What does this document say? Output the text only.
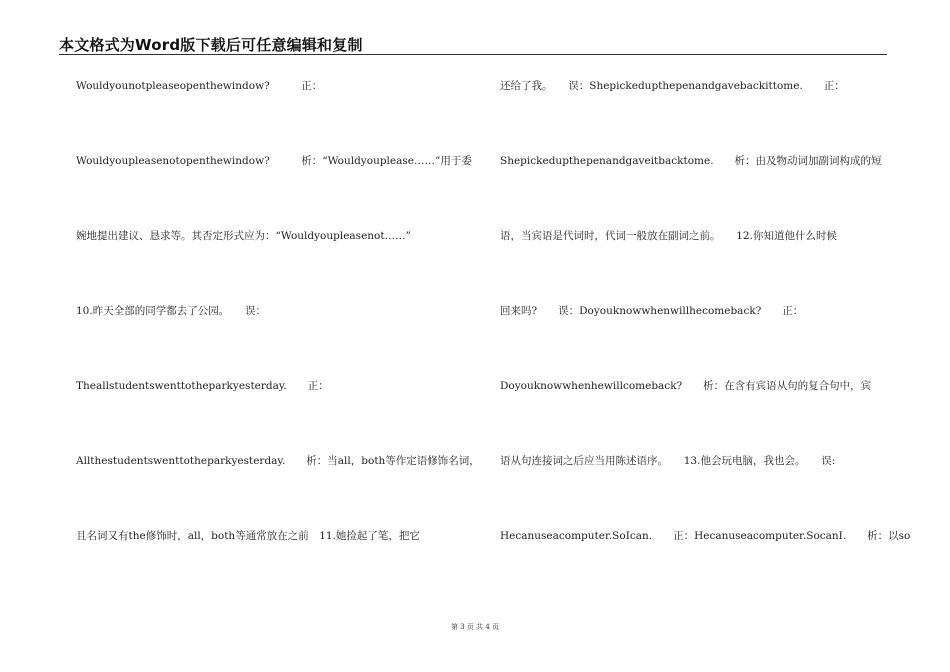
本文格式为Word版下载后可任意编辑和复制
Wouldyounotpleaseopenthewindow?　　　正：
Wouldyoupleasenotopenthewindow?　　　析：“Wouldyouplease……”用于委
婉地提出建议、恳求等。其否定形式应为：“Wouldyoupleasenot……”
10.昨天全部的同学都去了公园。　　误：
Theallstudentswenttotheparkyesterday.　　正：
Allthestudentswenttotheparkyesterday.　　析：当all，both等作定语修饰名词，
且名词又有the修饰时，all，both等通常放在之前　11.她捡起了笔，把它
还给了我。　　误：Shepickedupthepenandgavebackittome.　　正：
Shepickedupthepenandgaveitbacktome.　　析：由及物动词加副词构成的短
语，当宾语是代词时，代词一般放在副词之前。　　12.你知道他什么时候
回来吗?　　误：Doyouknowwhenwillhecomeback?　　正：
Doyouknowwhenhewillcomeback?　　析：在含有宾语从句的复合句中，宾
语从句连接词之后应当用陈述语序。　　13.他会玩电脑，我也会。　　误:
Hecanuseacomputer.SoIcan.　　正：Hecanuseacomputer.SocanI.　　析：以so
第 3 页 共 4 页
